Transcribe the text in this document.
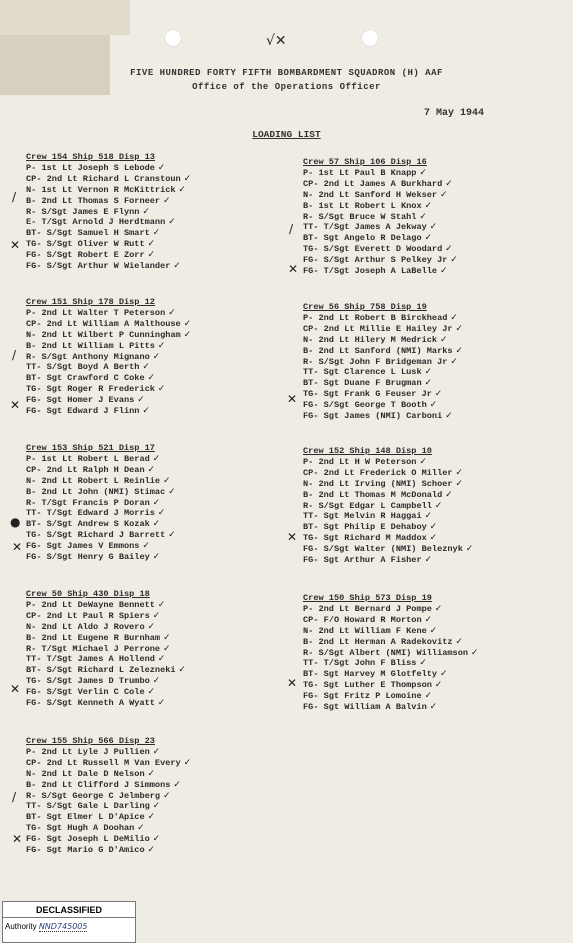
√✕
FIVE HUNDRED FORTY FIFTH BOMBARDMENT SQUADRON (H) AAF
Office of the Operations Officer
7 May 1944
LOADING LIST
Crew 154 Ship 518 Disp 13
P- 1st Lt Joseph S Lebode ✓
CP- 2nd Lt Richard L Cranstoun ✓
N- 1st Lt Vernon R McKittrick ✓
B- 2nd Lt Thomas S Forneer ✓
R- S/Sgt James E Flynn ✓
E- T/Sgt Arnold J Herdtmann ✓
BT- S/Sgt Samuel H Smart ✓
TG- S/Sgt Oliver W Rutt ✓
FG- S/Sgt Robert E Zorr ✓
FG- S/Sgt Arthur W Wielander ✓
Crew 151 Ship 178 Disp 12
P- 2nd Lt Walter T Peterson ✓
CP- 2nd Lt William A Malthouse ✓
N- 2nd Lt Wilbert P Cunningham ✓
B- 2nd Lt William L Pitts ✓
R- S/Sgt Anthony Mignano ✓
TT- S/Sgt Boyd A Berth ✓
BT- Sgt Crawford C Coke ✓
TG- Sgt Roger R Frederick ✓
FG- Sgt Homer J Evans ✓
FG- Sgt Edward J Flinn ✓
Crew 153 Ship 521 Disp 17
P- 1st Lt Robert L Berad ✓
CP- 2nd Lt Ralph H Dean ✓
N- 2nd Lt Robert L Reinlie ✓
B- 2nd Lt John (NMI) Stimac ✓
R- T/Sgt Francis P Doran ✓
TT- T/Sgt Edward J Morris ✓
BT- S/Sgt Andrew S Kozak ✓
TG- S/Sgt Richard J Barrett ✓
FG- Sgt James V Emmons ✓
FG- S/Sgt Henry G Bailey ✓
Crew 50 Ship 430 Disp 18
P- 2nd Lt DeWayne Bennett ✓
CP- 2nd Lt Paul R Spiers ✓
N- 2nd Lt Aldo J Rovero ✓
B- 2nd Lt Eugene R Burnham ✓
R- T/Sgt Michael J Perrone ✓
TT- T/Sgt James A Hollend ✓
BT- S/Sgt Richard L Zelezneki ✓
TG- S/Sgt James D Trumbo ✓
FG- S/Sgt Verlin C Cole ✓
FG- S/Sgt Kenneth A Wyatt ✓
Crew 155 Ship 566 Disp 23
P- 2nd Lt Lyle J Pullien ✓
CP- 2nd Lt Russell M Van Every ✓
N- 2nd Lt Dale D Nelson ✓
B- 2nd Lt Clifford J Simmons ✓
R- S/Sgt George C Jelmberg ✓
TT- S/Sgt Gale L Darling ✓
BT- Sgt Elmer L D'Apice ✓
TG- Sgt Hugh A Doohan ✓
FG- Sgt Joseph L DeMilio ✓
FG- Sgt Mario G D'Amico ✓
Crew 57 Ship 106 Disp 16
P- 1st Lt Paul B Knapp ✓
CP- 2nd Lt James A Burkhard ✓
N- 2nd Lt Sanford H Wekser ✓
B- 1st Lt Robert L Knox ✓
R- S/Sgt Bruce W Stahl ✓
TT- T/Sgt James A Jekway ✓
BT- Sgt Angelo R Delago ✓
TG- S/Sgt Everett D Woodard ✓
FG- S/Sgt Arthur S Pelkey Jr ✓
FG- T/Sgt Joseph A LaBelle ✓
Crew 56 Ship 758 Disp 19
P- 2nd Lt Robert B Birckhead ✓
CP- 2nd Lt Millie E Hailey Jr ✓
N- 2nd Lt Hilery M Medrick ✓
B- 2nd Lt Sanford (NMI) Marks ✓
R- S/Sgt John F Bridgeman Jr ✓
TT- Sgt Clarence L Lusk ✓
BT- Sgt Duane F Brugman ✓
TG- Sgt Frank G Feuser Jr ✓
FG- S/Sgt George T Booth ✓
FG- Sgt James (NMI) Carboni ✓
Crew 152 Ship 148 Disp 10
P- 2nd Lt H W Peterson ✓
CP- 2nd Lt Frederick O Miller ✓
N- 2nd Lt Irving (NMI) Schoer ✓
B- 2nd Lt Thomas M McDonald ✓
R- S/Sgt Edgar L Campbell ✓
TT- Sgt Melvin R Haggai ✓
BT- Sgt Philip E Dehaboy ✓
TG- Sgt Richard M Maddox ✓
FG- S/Sgt Walter (NMI) Beleznyk ✓
FG- Sgt Arthur A Fisher ✓
Crew 150 Ship 573 Disp 19
P- 2nd Lt Bernard J Pompe ✓
CP- F/O Howard R Morton ✓
N- 2nd Lt William F Kene ✓
B- 2nd Lt Herman A Radekovitz ✓
R- S/Sgt Albert (NMI) Williamson ✓
TT- T/Sgt John F Bliss ✓
BT- Sgt Harvey M Glotfelty ✓
TG- Sgt Luther E Thompson ✓
FG- Sgt Fritz P Lomoine ✓
FG- Sgt William A Balvin ✓
/
✕
/
✕
●
✕
✕
/
✕
/
✕
✕
✕
✕
DECLASSIFIED
Authority NND745005
